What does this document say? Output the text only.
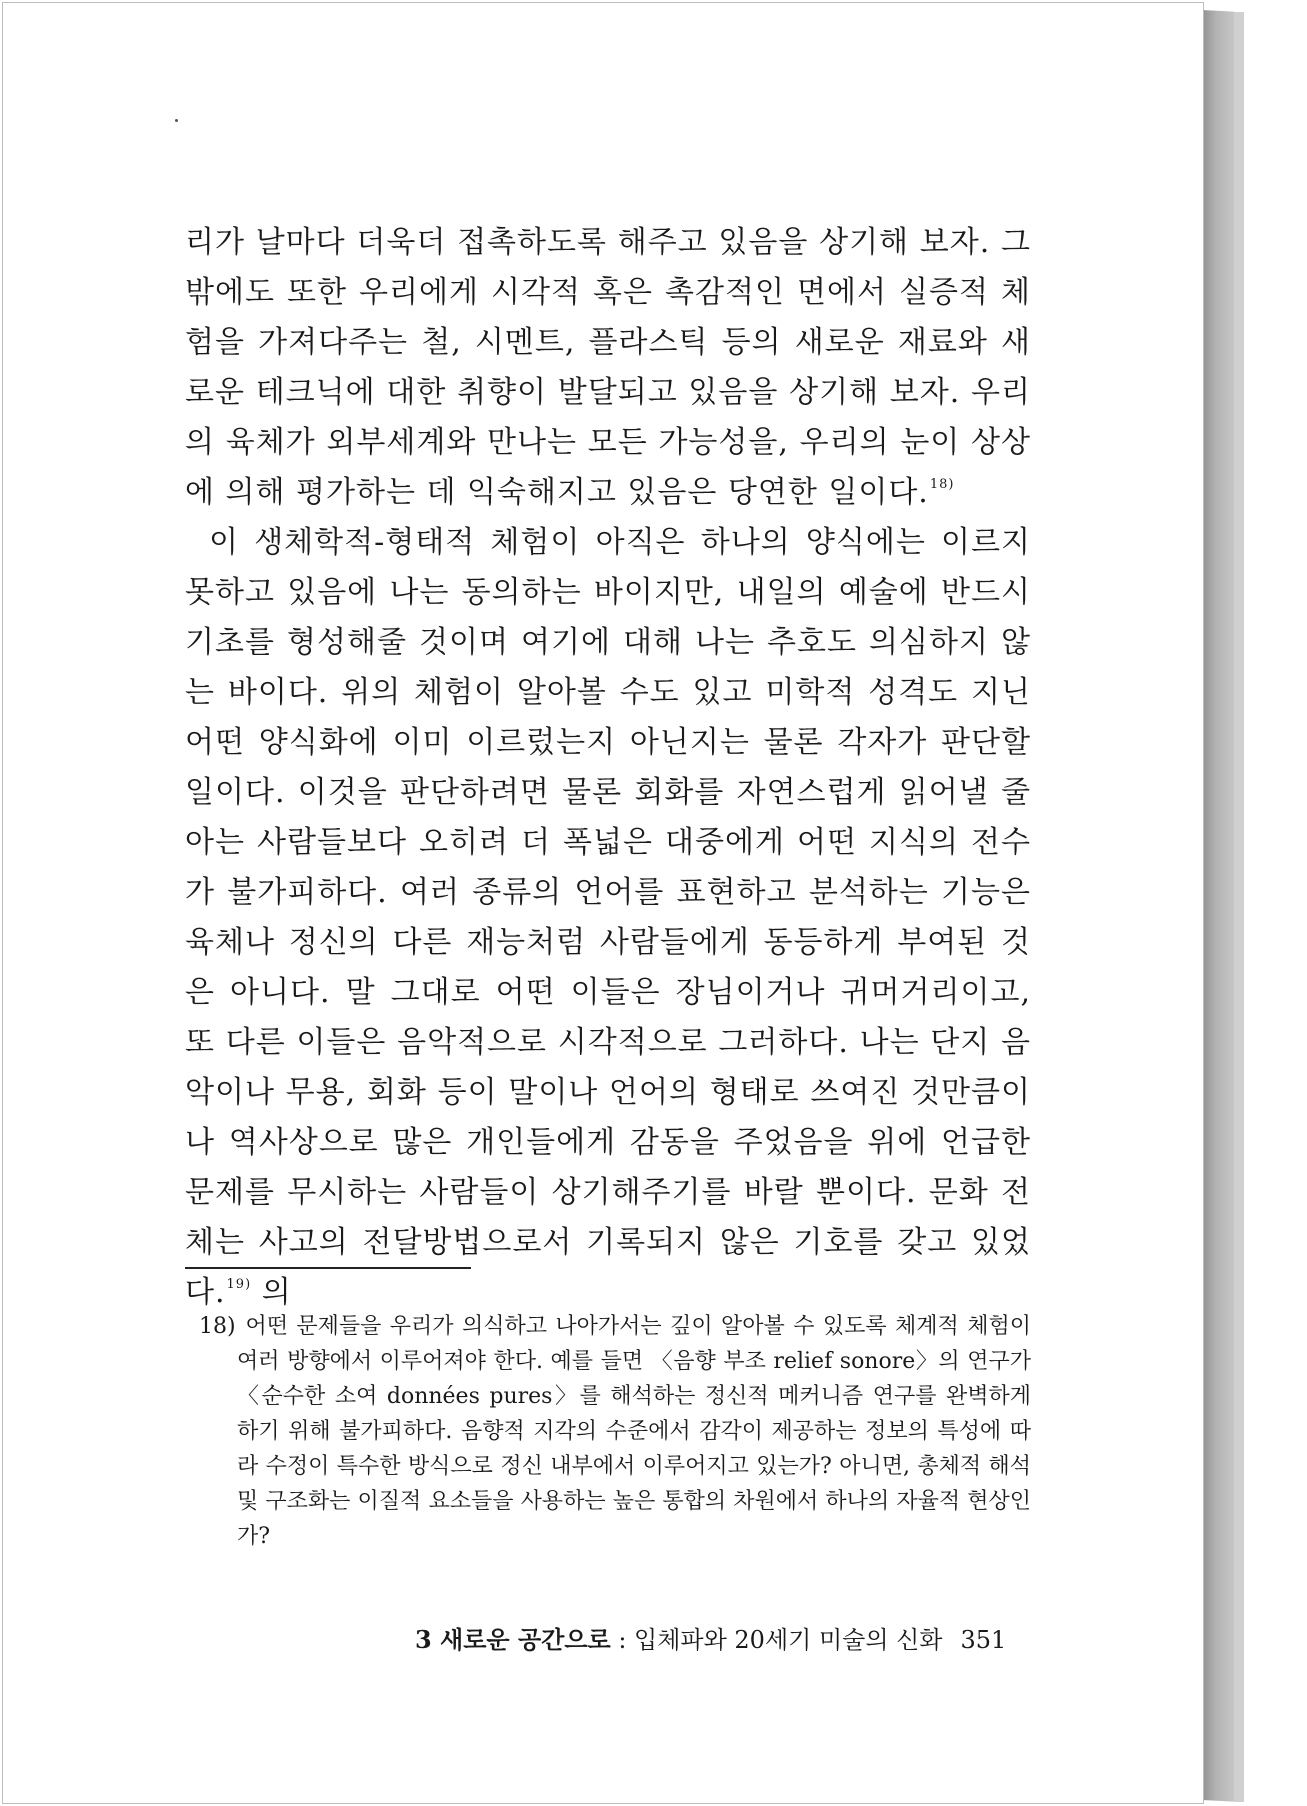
리가 날마다 더욱더 접촉하도록 해주고 있음을 상기해 보자. 그 밖에도 또한 우리에게 시각적 혹은 촉감적인 면에서 실증적 체험을 가져다주는 철, 시멘트, 플라스틱 등의 새로운 재료와 새로운 테크닉에 대한 취향이 발달되고 있음을 상기해 보자. 우리의 육체가 외부세계와 만나는 모든 가능성을, 우리의 눈이 상상에 의해 평가하는 데 익숙해지고 있음은 당연한 일이다.$^{18)}$

이 생체학적-형태적 체험이 아직은 하나의 양식에는 이르지 못하고 있음에 나는 동의하는 바이지만, 내일의 예술에 반드시 기초를 형성해줄 것이며 여기에 대해 나는 추호도 의심하지 않는 바이다. 위의 체험이 알아볼 수도 있고 미학적 성격도 지닌 어떤 양식화에 이미 이르렀는지 아닌지는 물론 각자가 판단할 일이다. 이것을 판단하려면 물론 회화를 자연스럽게 읽어낼 줄 아는 사람들보다 오히려 더 폭넓은 대중에게 어떤 지식의 전수가 불가피하다. 여러 종류의 언어를 표현하고 분석하는 기능은 육체나 정신의 다른 재능처럼 사람들에게 동등하게 부여된 것은 아니다. 말 그대로 어떤 이들은 장님이거나 귀머거리이고, 또 다른 이들은 음악적으로 시각적으로 그러하다. 나는 단지 음악이나 무용, 회화 등이 말이나 언어의 형태로 쓰여진 것만큼이나 역사상으로 많은 개인들에게 감동을 주었음을 위에 언급한 문제를 무시하는 사람들이 상기해주기를 바랄 뿐이다. 문화 전체는 사고의 전달방법으로서 기록되지 않은 기호를 갖고 있었다.$^{19)}$ 의

18) 어떤 문제들을 우리가 의식하고 나아가서는 깊이 알아볼 수 있도록 체계적 체험이 여러 방향에서 이루어져야 한다. 예를 들면 〈음향 부조 relief sonore〉의 연구가 〈순수한 소여 données pures〉를 해석하는 정신적 메커니즘 연구를 완벽하게 하기 위해 불가피하다. 음향적 지각의 수준에서 감각이 제공하는 정보의 특성에 따라 수정이 특수한 방식으로 정신 내부에서 이루어지고 있는가? 아니면, 총체적 해석 및 구조화는 이질적 요소들을 사용하는 높은 통합의 차원에서 하나의 자율적 현상인가?
3 새로운 공간으로 : 입체파와 20세기 미술의 신화 351
